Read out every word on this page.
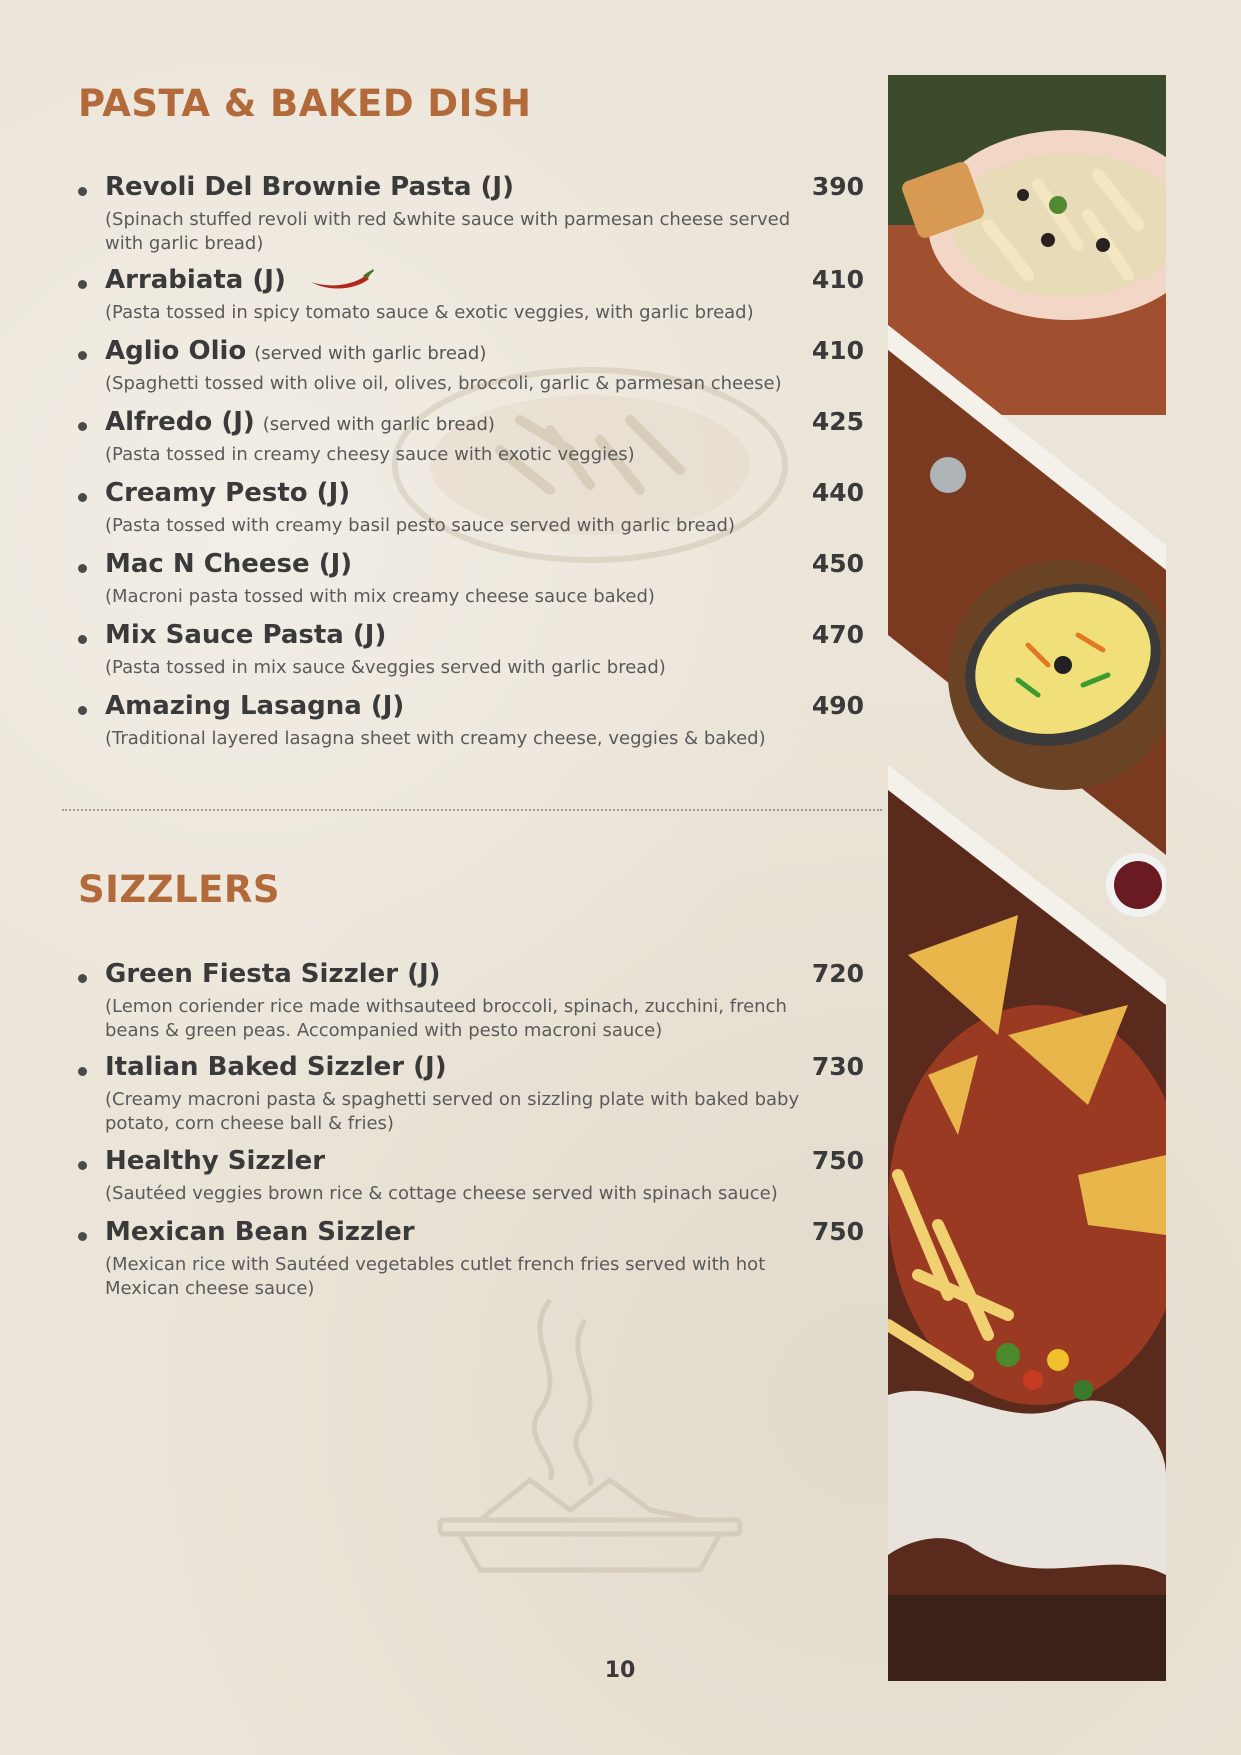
PASTA & BAKED DISH
Revoli Del Brownie Pasta (J)	390
(Spinach stuffed revoli with red &white sauce with parmesan cheese served with garlic bread)
Arrabiata (J)	410
(Pasta tossed in spicy tomato sauce & exotic veggies, with garlic bread)
Aglio Olio (served with garlic bread)	410
(Spaghetti tossed with olive oil, olives, broccoli, garlic & parmesan cheese)
Alfredo (J) (served with garlic bread)	425
(Pasta tossed in creamy cheesy sauce with exotic veggies)
Creamy Pesto (J)	440
(Pasta tossed with creamy basil pesto sauce served with garlic bread)
Mac N Cheese (J)	450
(Macroni pasta tossed with mix creamy cheese sauce baked)
Mix Sauce Pasta (J)	470
(Pasta tossed in mix sauce &veggies served with garlic bread)
Amazing Lasagna (J)	490
(Traditional layered lasagna sheet with creamy cheese, veggies & baked)
SIZZLERS
Green Fiesta Sizzler (J)	720
(Lemon coriender rice made withsauteed broccoli, spinach, zucchini, french beans & green peas. Accompanied with pesto macroni sauce)
Italian Baked Sizzler (J)	730
(Creamy macroni pasta & spaghetti served on sizzling plate with baked baby potato, corn cheese ball & fries)
Healthy Sizzler	750
(Sautéed veggies brown rice & cottage cheese served with spinach sauce)
Mexican Bean Sizzler	750
(Mexican rice with Sautéed vegetables cutlet french fries served with hot Mexican cheese sauce)
10
